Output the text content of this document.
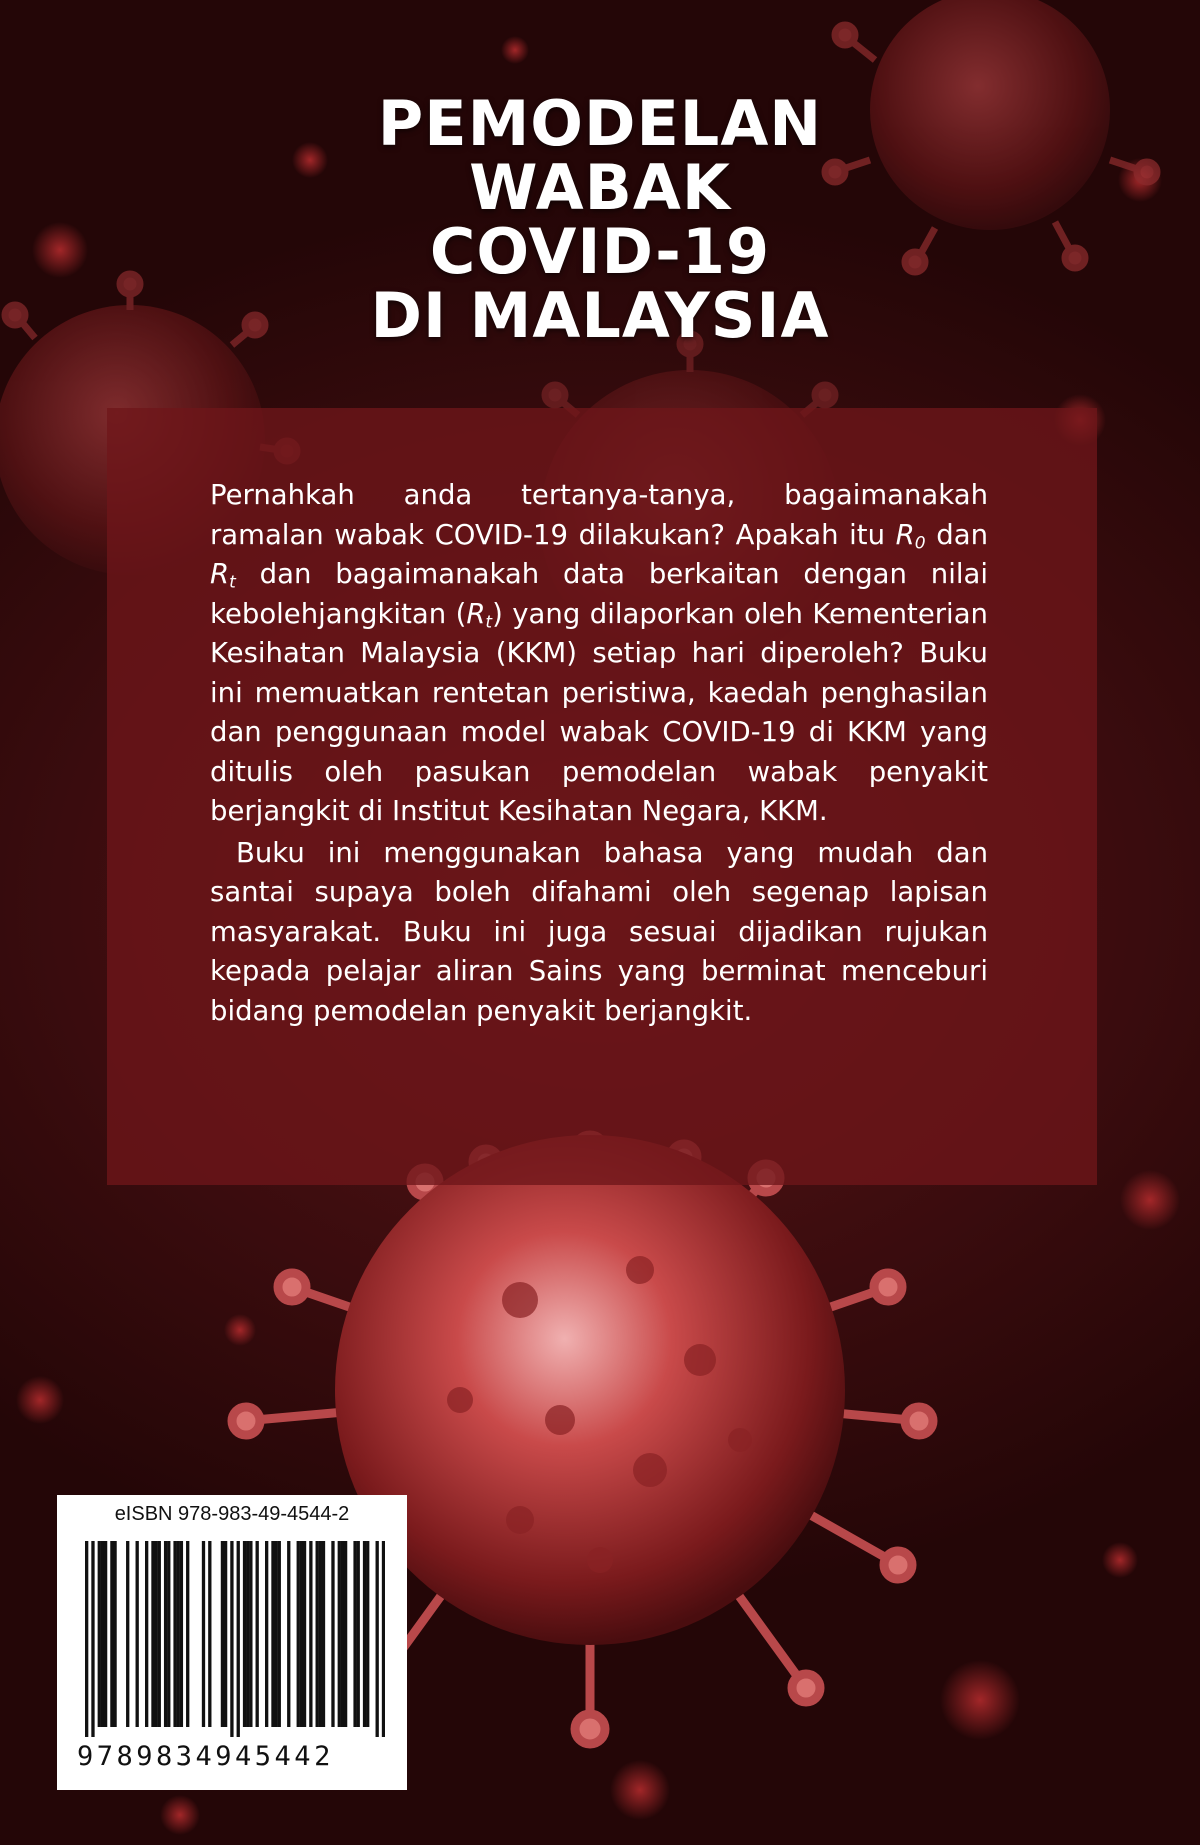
PEMODELAN
WABAK
COVID-19
DI MALAYSIA

Pernahkah anda tertanya-tanya, bagaimanakah ramalan wabak COVID-19 dilakukan? Apakah itu $R_0$ dan $R_t$ dan bagaimanakah data berkaitan dengan nilai kebolehjangkitan $(R_t)$ yang dilaporkan oleh Kementerian Kesihatan Malaysia (KKM) setiap hari diperoleh? Buku ini memuatkan rentetan peristiwa, kaedah penghasilan dan penggunaan model wabak COVID-19 di KKM yang ditulis oleh pasukan pemodelan wabak penyakit berjangkit di Institut Kesihatan Negara, KKM.

Buku ini menggunakan bahasa yang mudah dan santai supaya boleh difahami oleh segenap lapisan masyarakat. Buku ini juga sesuai dijadikan rujukan kepada pelajar aliran Sains yang berminat menceburi bidang pemodelan penyakit berjangkit.

eISBN 978-983-49-4544-2
9789834945442
